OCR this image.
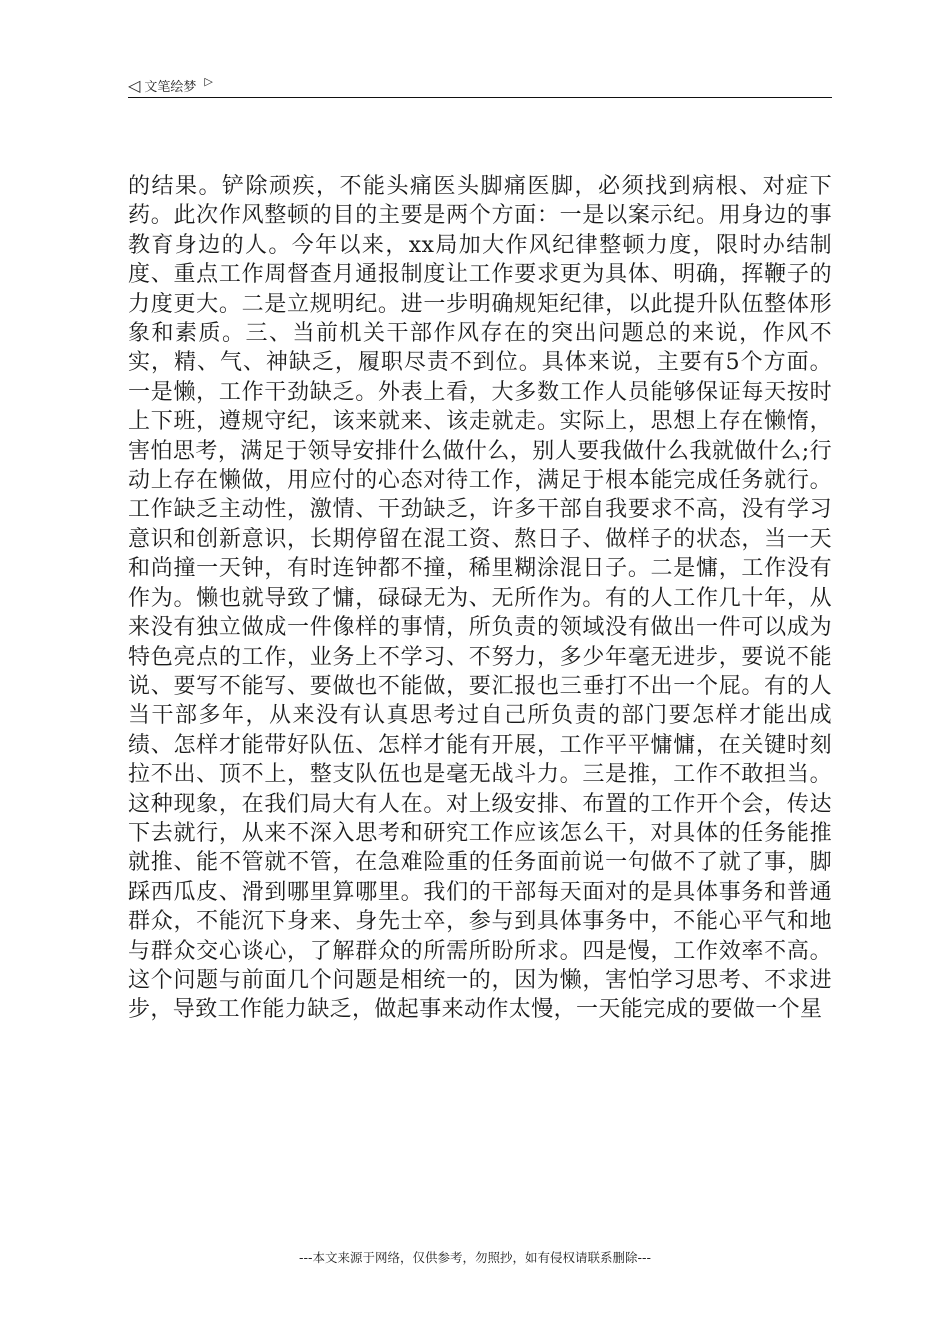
◁ 文笔绘梦 ▷

的结果。铲除顽疾，不能头痛医头脚痛医脚，必须找到病根、对症下药。此次作风整顿的目的主要是两个方面：一是以案示纪。用身边的事教育身边的人。今年以来，xx局加大作风纪律整顿力度，限时办结制度、重点工作周督查月通报制度让工作要求更为具体、明确，挥鞭子的力度更大。二是立规明纪。进一步明确规矩纪律，以此提升队伍整体形象和素质。三、当前机关干部作风存在的突出问题总的来说，作风不实，精、气、神缺乏，履职尽责不到位。具体来说，主要有5个方面。一是懒，工作干劲缺乏。外表上看，大多数工作人员能够保证每天按时上下班，遵规守纪，该来就来、该走就走。实际上，思想上存在懒惰，害怕思考，满足于领导安排什么做什么，别人要我做什么我就做什么;行动上存在懒做，用应付的心态对待工作，满足于根本能完成任务就行。工作缺乏主动性，激情、干劲缺乏，许多干部自我要求不高，没有学习意识和创新意识，长期停留在混工资、熬日子、做样子的状态，当一天和尚撞一天钟，有时连钟都不撞，稀里糊涂混日子。二是慵，工作没有作为。懒也就导致了慵，碌碌无为、无所作为。有的人工作几十年，从来没有独立做成一件像样的事情，所负责的领域没有做出一件可以成为特色亮点的工作，业务上不学习、不努力，多少年毫无进步，要说不能说、要写不能写、要做也不能做，要汇报也三垂打不出一个屁。有的人当干部多年，从来没有认真思考过自己所负责的部门要怎样才能出成绩、怎样才能带好队伍、怎样才能有开展，工作平平慵慵，在关键时刻拉不出、顶不上，整支队伍也是毫无战斗力。三是推，工作不敢担当。这种现象，在我们局大有人在。对上级安排、布置的工作开个会，传达下去就行，从来不深入思考和研究工作应该怎么干，对具体的任务能推就推、能不管就不管，在急难险重的任务面前说一句做不了就了事，脚踩西瓜皮、滑到哪里算哪里。我们的干部每天面对的是具体事务和普通群众，不能沉下身来、身先士卒，参与到具体事务中，不能心平气和地与群众交心谈心，了解群众的所需所盼所求。四是慢，工作效率不高。这个问题与前面几个问题是相统一的，因为懒，害怕学习思考、不求进步，导致工作能力缺乏，做起事来动作太慢，一天能完成的要做一个星

---本文来源于网络，仅供参考，勿照抄，如有侵权请联系删除---
